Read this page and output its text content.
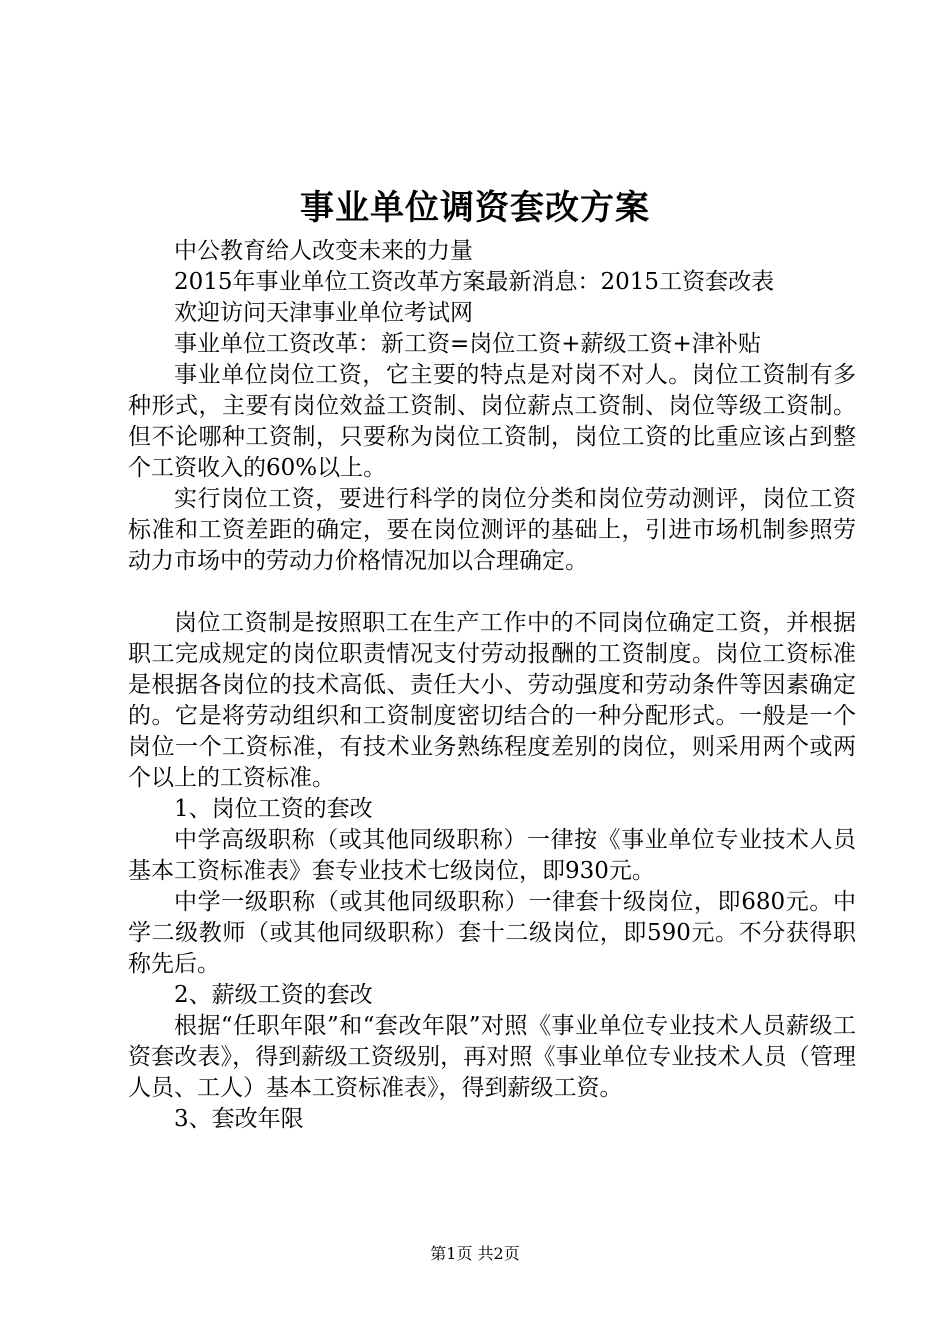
事业单位调资套改方案

中公教育给人改变未来的力量

2015年事业单位工资改革方案最新消息：2015工资套改表

欢迎访问天津事业单位考试网

事业单位工资改革：新工资=岗位工资+薪级工资+津补贴

事业单位岗位工资，它主要的特点是对岗不对人。岗位工资制有多种形式，主要有岗位效益工资制、岗位薪点工资制、岗位等级工资制。但不论哪种工资制，只要称为岗位工资制，岗位工资的比重应该占到整个工资收入的60%以上。

实行岗位工资，要进行科学的岗位分类和岗位劳动测评，岗位工资标准和工资差距的确定，要在岗位测评的基础上，引进市场机制参照劳动力市场中的劳动力价格情况加以合理确定。

岗位工资制是按照职工在生产工作中的不同岗位确定工资，并根据职工完成规定的岗位职责情况支付劳动报酬的工资制度。岗位工资标准是根据各岗位的技术高低、责任大小、劳动强度和劳动条件等因素确定的。它是将劳动组织和工资制度密切结合的一种分配形式。一般是一个岗位一个工资标准，有技术业务熟练程度差别的岗位，则采用两个或两个以上的工资标准。

1、岗位工资的套改

中学高级职称（或其他同级职称）一律按《事业单位专业技术人员基本工资标准表》套专业技术七级岗位，即930元。

中学一级职称（或其他同级职称）一律套十级岗位，即680元。中学二级教师（或其他同级职称）套十二级岗位，即590元。不分获得职称先后。

2、薪级工资的套改

根据“任职年限”和“套改年限”对照《事业单位专业技术人员薪级工资套改表》，得到薪级工资级别，再对照《事业单位专业技术人员（管理人员、工人）基本工资标准表》，得到薪级工资。

3、套改年限

第1页 共2页
